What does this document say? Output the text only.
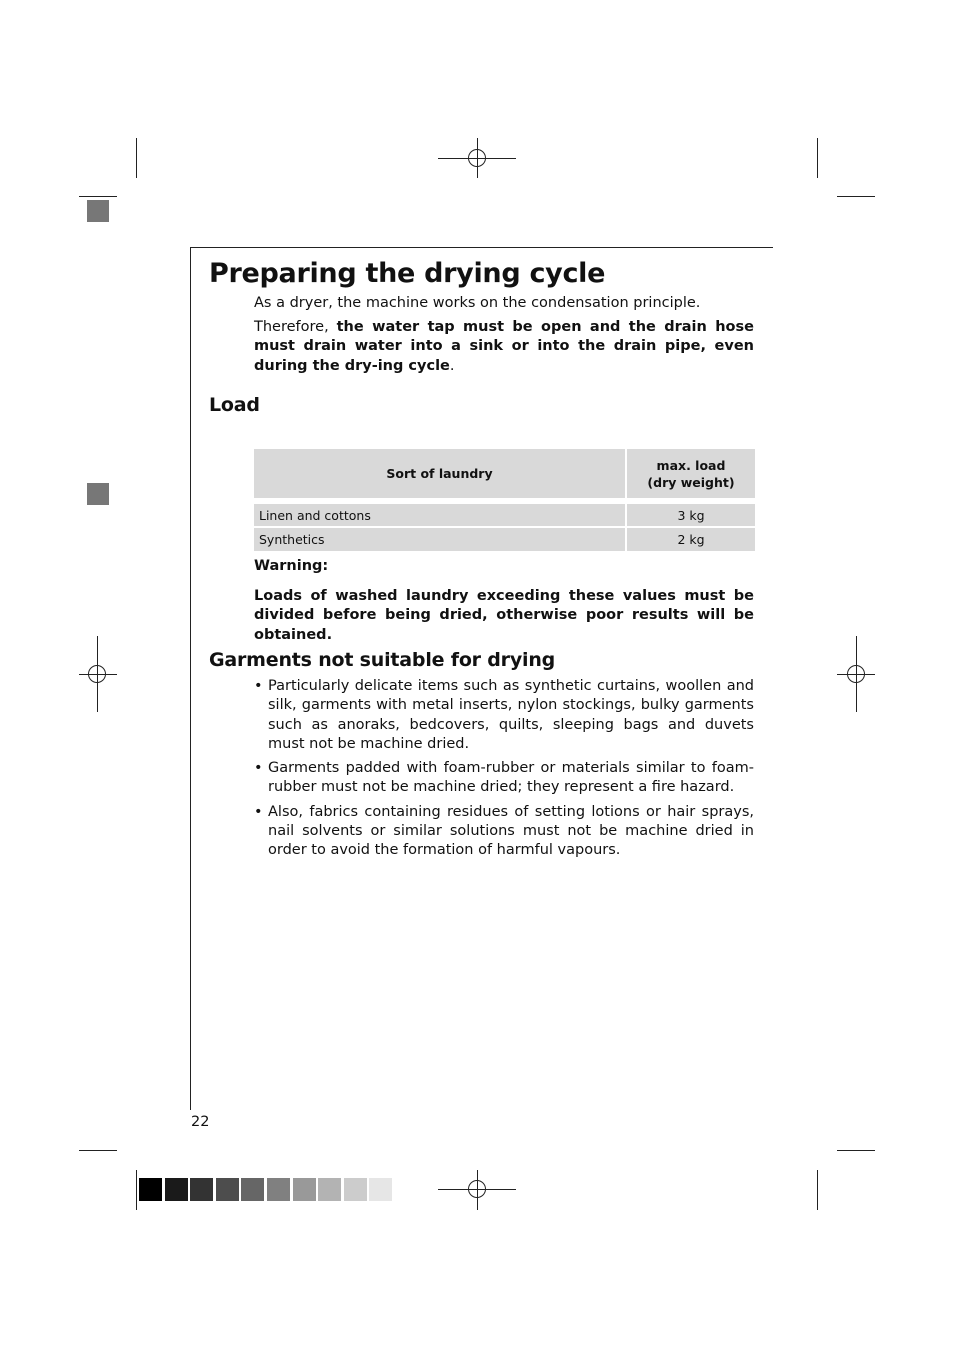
Preparing the drying cycle
As a dryer, the machine works on the condensation principle.
Therefore, the water tap must be open and the drain hose must drain water into a sink or into the drain pipe, even during the dry-ing cycle.
Load
Sort of laundry
max. load
(dry weight)
Linen and cottons	3 kg
Synthetics	2 kg
Warning:
Loads of washed laundry exceeding these values must be divided before being dried, otherwise poor results will be obtained.
Garments not suitable for drying
• Particularly delicate items such as synthetic curtains, woollen and silk, garments with metal inserts, nylon stockings, bulky garments such as anoraks, bedcovers, quilts, sleeping bags and duvets must not be machine dried.
• Garments padded with foam-rubber or materials similar to foam-rubber must not be machine dried; they represent a fire hazard.
• Also, fabrics containing residues of setting lotions or hair sprays, nail solvents or similar solutions must not be machine dried in order to avoid the formation of harmful vapours.
22
